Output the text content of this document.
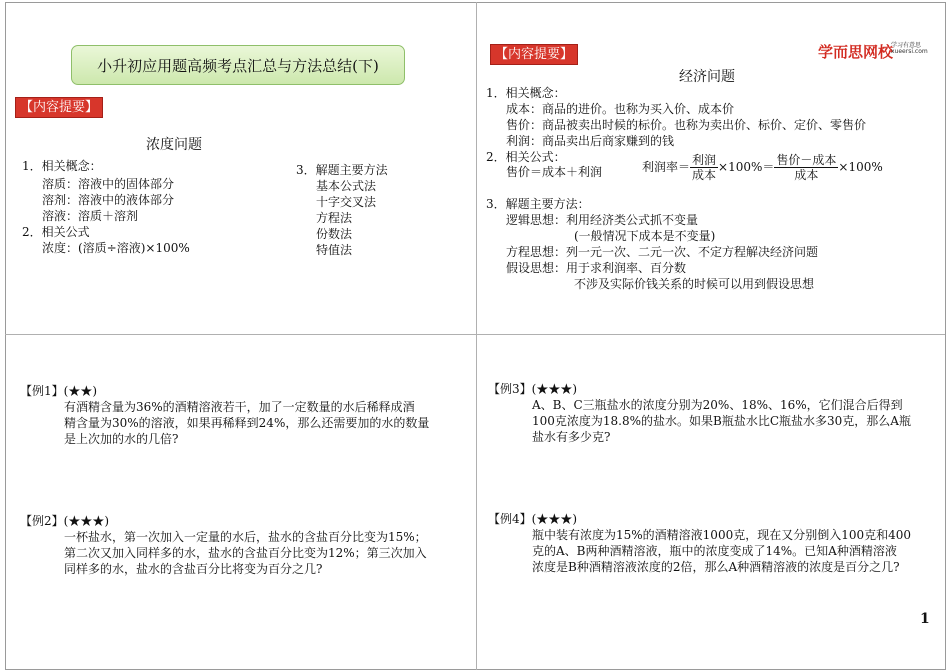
小升初应用题高频考点汇总与方法总结(下)
【内容提要】
浓度问题
1．相关概念：
溶质：溶液中的固体部分
溶剂：溶液中的液体部分
溶液：溶质＋溶剂
2．相关公式
浓度：(溶质÷溶液)×100%
3．解题主要方法
基本公式法
十字交叉法
方程法
份数法
特值法
【内容提要】	学而思网校
学习有意思
xueersi.com
经济问题
1．相关概念：
成本：商品的进价。也称为买入价、成本价
售价：商品被卖出时候的标价。也称为卖出价、标价、定价、零售价
利润：商品卖出后商家赚到的钱
2．相关公式：
售价＝成本＋利润	利润率＝ $\frac{\text{利润}}{\text{成本}} \times 100\%= \frac{\text{售价－成本}}{\text{成本}} \times 100\%$
3．解题主要方法：
逻辑思想：利用经济类公式抓不变量
(一般情况下成本是不变量)
方程思想：列一元一次、二元一次、不定方程解决经济问题
假设思想：用于求利润率、百分数
不涉及实际价钱关系的时候可以用到假设思想
【例1】(★★)
有酒精含量为36%的酒精溶液若干，加了一定数量的水后稀释成酒
精含量为30%的溶液，如果再稀释到24%，那么还需要加的水的数量
是上次加的水的几倍?
【例2】(★★★)
一杯盐水，第一次加入一定量的水后，盐水的含盐百分比变为15%；
第二次又加入同样多的水，盐水的含盐百分比变为12%；第三次加入
同样多的水，盐水的含盐百分比将变为百分之几?
【例3】(★★★)
A、B、C三瓶盐水的浓度分别为20%、18%、16%，它们混合后得到
100克浓度为18.8%的盐水。如果B瓶盐水比C瓶盐水多30克，那么A瓶
盐水有多少克?
【例4】(★★★)
瓶中装有浓度为15%的酒精溶液1000克，现在又分别倒入100克和400
克的A、B两种酒精溶液，瓶中的浓度变成了14%。已知A种酒精溶液
浓度是B种酒精溶液浓度的2倍，那么A种酒精溶液的浓度是百分之几?
1
